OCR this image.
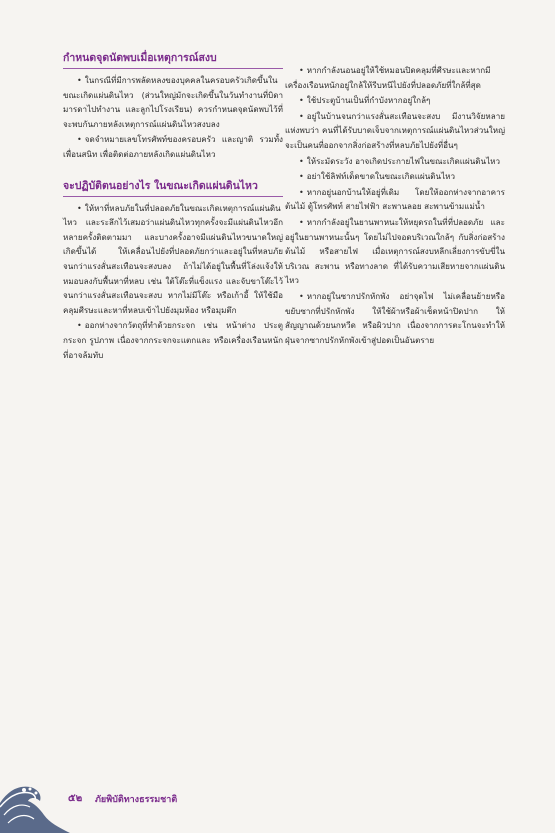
กำหนดจุดนัดพบเมื่อเหตุการณ์สงบ

• ในกรณีที่มีการพลัดหลงของบุคคลในครอบครัวเกิดขึ้นในขณะเกิดแผ่นดินไหว (ส่วนใหญ่มักจะเกิดขึ้นในวันทำงานที่บิดา มารดาไปทำงาน และลูกไปโรงเรียน) ควรกำหนดจุดนัดพบไว้ที่จะพบกันภายหลังเหตุการณ์แผ่นดินไหวสงบลง

• จดจำหมายเลขโทรศัพท์ของครอบครัว และญาติ รวมทั้งเพื่อนสนิท เพื่อติดต่อภายหลังเกิดแผ่นดินไหว

จะปฏิบัติตนอย่างไร ในขณะเกิดแผ่นดินไหว

• ให้หาที่หลบภัยในที่ปลอดภัยในขณะเกิดเหตุการณ์แผ่นดินไหว และระลึกไว้เสมอว่าแผ่นดินไหวทุกครั้งจะมีแผ่นดินไหวอีกหลายครั้งติดตามมา และบางครั้งอาจมีแผ่นดินไหวขนาดใหญ่เกิดขึ้นได้ ให้เคลื่อนไปยังที่ปลอดภัยกว่าและอยู่ในที่หลบภัยจนกว่าแรงสั่นสะเทือนจะสงบลง ถ้าไม่ได้อยู่ในพื้นที่โล่งแจ้งให้หมอบลงกับพื้นหาที่หลบ เช่น ใต้โต๊ะที่แข็งแรง และจับขาโต๊ะไว้จนกว่าแรงสั่นสะเทือนจะสงบ หากไม่มีโต๊ะ หรือเก้าอี้ ให้ใช้มือคลุมศีรษะและหาที่หลบเข้าไปยังมุมห้อง หรือมุมตึก

• ออกห่างจากวัตถุที่ทำด้วยกระจก เช่น หน้าต่าง ประตู กระจก รูปภาพ เนื่องจากกระจกจะแตกและ หรือเครื่องเรือนหนัก ที่อาจล้มทับ

• หากกำลังนอนอยู่ให้ใช้หมอนปิดคลุมที่ศีรษะและหากมีเครื่องเรือนหนักอยู่ใกล้ให้รีบหนีไปยังที่ปลอดภัยที่ใกล้ที่สุด

• ใช้ประตูบ้านเป็นที่กำบังหากอยู่ใกล้ๆ

• อยู่ในบ้านจนกว่าแรงสั่นสะเทือนจะสงบ มีงานวิจัยหลายแห่งพบว่า คนที่ได้รับบาดเจ็บจากเหตุการณ์แผ่นดินไหวส่วนใหญ่จะเป็นคนที่ออกจากสิ่งก่อสร้างที่หลบภัยไปยังที่อื่นๆ

• ให้ระมัดระวัง อาจเกิดประกายไฟในขณะเกิดแผ่นดินไหว

• อย่าใช้ลิฟท์เด็ดขาดในขณะเกิดแผ่นดินไหว

• หากอยู่นอกบ้านให้อยู่ที่เดิม โดยให้ออกห่างจากอาคาร ต้นไม้ ตู้โทรศัพท์ สายไฟฟ้า สะพานลอย สะพานข้ามแม่น้ำ

• หากกำลังอยู่ในยานพาหนะให้หยุดรถในที่ที่ปลอดภัย และอยู่ในยานพาหนะนั้นๆ โดยไม่ไปจอดบริเวณใกล้ๆ กับสิ่งก่อสร้าง ต้นไม้ หรือสายไฟ เมื่อเหตุการณ์สงบหลีกเลี่ยงการขับขี่ในบริเวณ สะพาน หรือทางลาด ที่ได้รับความเสียหายจากแผ่นดินไหว

• หากอยู่ในซากปรักหักพัง อย่าจุดไฟ ไม่เคลื่อนย้ายหรือขยับซากที่ปรักหักพัง ให้ใช้ผ้าหรือผ้าเช็ดหน้าปิดปาก ให้สัญญาณด้วยนกหวีด หรือผิวปาก เนื่องจากการตะโกนจะทำให้ฝุ่นจากซากปรักหักพังเข้าสู่ปอดเป็นอันตราย

๕๒ ภัยพิบัติทางธรรมชาติ
